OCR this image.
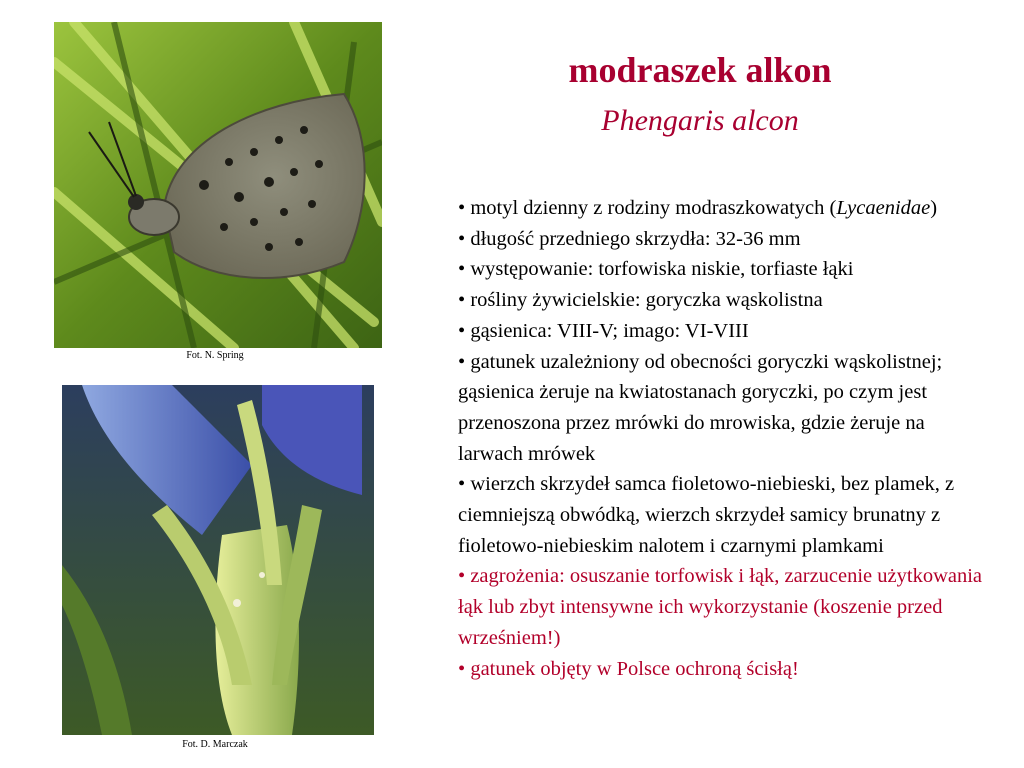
Fot. N. Spring
Fot. D. Marczak
modraszek alkon
Phengaris alcon

• motyl dzienny z rodziny modraszkowatych (Lycaenidae)

• długość przedniego skrzydła: 32-36 mm

• występowanie: torfowiska niskie, torfiaste łąki

• rośliny żywicielskie: goryczka wąskolistna

• gąsienica: VIII-V; imago: VI-VIII

• gatunek uzależniony od obecności goryczki wąskolistnej; gąsienica żeruje na kwiatostanach goryczki, po czym jest przenoszona przez mrówki do mrowiska, gdzie żeruje na larwach mrówek

• wierzch skrzydeł samca fioletowo-niebieski, bez plamek, z ciemniejszą obwódką, wierzch skrzydeł samicy brunatny z fioletowo-niebieskim nalotem i czarnymi plamkami

• zagrożenia: osuszanie torfowisk i łąk, zarzucenie użytkowania łąk lub zbyt intensywne ich wykorzystanie (koszenie przed wrześniem!)

• gatunek objęty w Polsce ochroną ścisłą!
